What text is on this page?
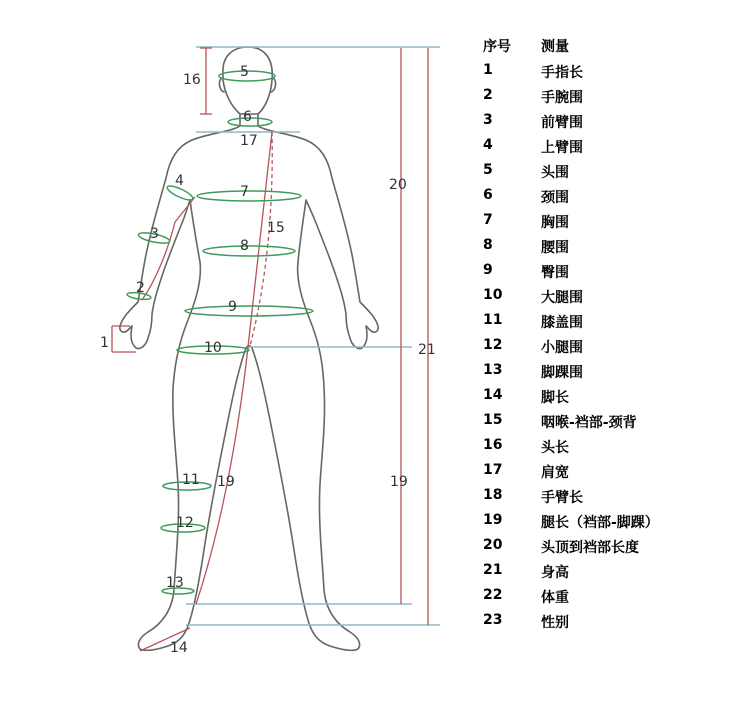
1
2
3
4
5
6
7
8
9
10
11
12
13
14
15
16
17
19	19
20
21
序号	测量
1	手指长
2	手腕围
3	前臂围
4	上臂围
5	头围
6	颈围
7	胸围
8	腰围
9	臀围
10	大腿围
11	膝盖围
12	小腿围
13	脚踝围
14	脚长
15	咽喉-裆部-颈背
16	头长
17	肩宽
18	手臂长
19	腿长（裆部-脚踝）
20	头顶到裆部长度
21	身高
22	体重
23	性别
